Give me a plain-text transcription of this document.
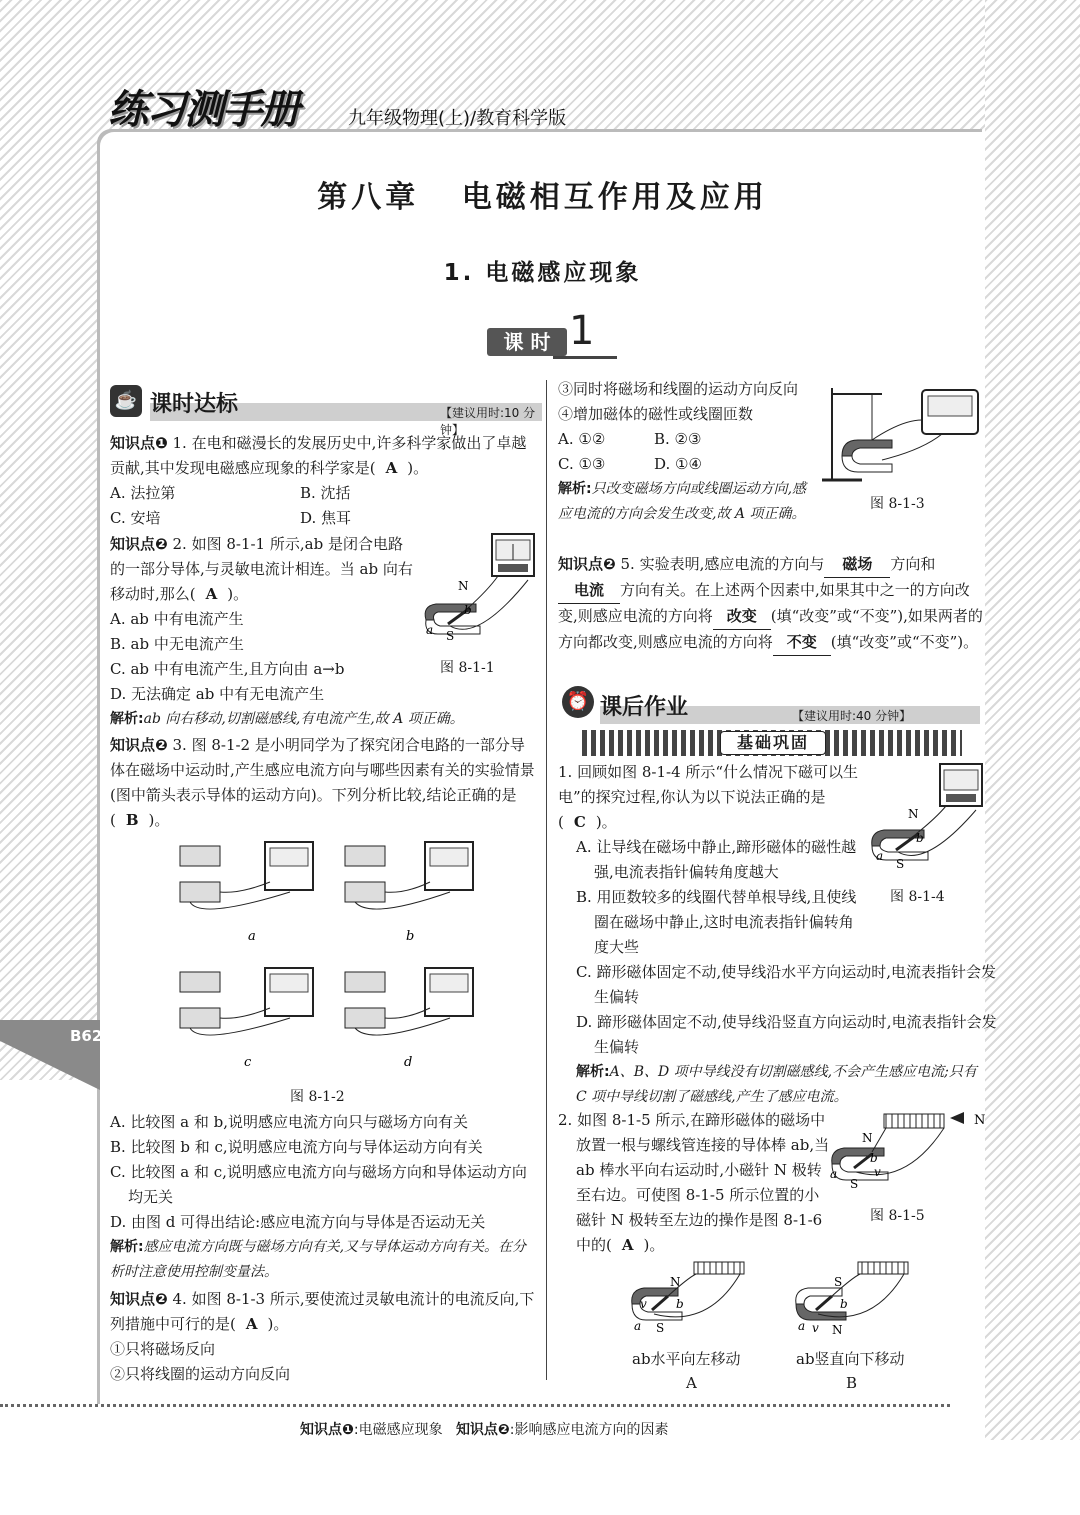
B62
练习测手册	九年级物理(上)/教育科学版
第八章 电磁相互作用及应用
1. 电磁感应现象
课 时 1
☕ 课时达标	【建议用时:10 分钟】
知识点❶ 1. 在电和磁漫长的发展历史中,许多科学家做出了卓越贡献,其中发现电磁感应现象的科学家是( A )。
A. 法拉第	B. 沈括
C. 安培	D. 焦耳
知识点❷ 2. 如图 8-1-1 所示,ab 是闭合电路的一部分导体,与灵敏电流计相连。当 ab 向右移动时,那么( A )。
A. ab 中有电流产生
B. ab 中无电流产生
C. ab 中有电流产生,且方向由 a→b
D. 无法确定 ab 中有无电流产生
解析:ab 向右移动,切割磁感线,有电流产生,故 A 项正确。
N
S
a
b
图 8-1-1
知识点❷ 3. 图 8-1-2 是小明同学为了探究闭合电路的一部分导体在磁场中运动时,产生感应电流方向与哪些因素有关的实验情景(图中箭头表示导体的运动方向)。下列分析比较,结论正确的是( B )。
a	b
c	d
图 8-1-2
A. 比较图 a 和 b,说明感应电流方向只与磁场方向有关
B. 比较图 b 和 c,说明感应电流方向与导体运动方向有关
C. 比较图 a 和 c,说明感应电流方向与磁场方向和导体运动方向均无关
D. 由图 d 可得出结论:感应电流方向与导体是否运动无关
解析:感应电流方向既与磁场方向有关,又与导体运动方向有关。在分析时注意使用控制变量法。
知识点❷ 4. 如图 8-1-3 所示,要使流过灵敏电流计的电流反向,下列措施中可行的是( A )。
①只将磁场反向
②只将线圈的运动方向反向
③同时将磁场和线圈的运动方向反向
④增加磁体的磁性或线圈匝数
A. ①②	B. ②③
C. ①③	D. ①④
解析:只改变磁场方向或线圈运动方向,感应电流的方向会发生改变,故 A 项正确。
图 8-1-3
知识点❷ 5. 实验表明,感应电流的方向与 磁场 方向和电流 方向有关。在上述两个因素中,如果其中之一的方向改变,则感应电流的方向将 改变 (填“改变”或“不变”),如果两者的方向都改变,则感应电流的方向将 不变 (填“改变”或“不变”)。
⏰ 课后作业	【建议用时:40 分钟】
基础巩固
1. 回顾如图 8-1-4 所示“什么情况下磁可以生电”的探究过程,你认为以下说法正确的是( C )。
A. 让导线在磁场中静止,蹄形磁体的磁性越强,电流表指针偏转角度越大
B. 用匝数较多的线圈代替单根导线,且使线圈在磁场中静止,这时电流表指针偏转角度大些
C. 蹄形磁体固定不动,使导线沿水平方向运动时,电流表指针会发生偏转
D. 蹄形磁体固定不动,使导线沿竖直方向运动时,电流表指针会发生偏转
解析:A、B、D 项中导线没有切割磁感线,不会产生感应电流;只有 C 项中导线切割了磁感线,产生了感应电流。
N
S
a
b
图 8-1-4
2. 如图 8-1-5 所示,在蹄形磁体的磁场中放置一根与螺线管连接的导体棒 ab,当 ab 棒水平向右运动时,小磁针 N 极转至右边。可使图 8-1-5 所示位置的小磁针 N 极转至左边的操作是图 8-1-6 中的( A )。
N
N
S
a
b
v
图 8-1-5
N
S
a
b
v
ab水平向左移动
A
S
N
a
b
v
ab竖直向下移动
B
知识点❶:电磁感应现象 知识点❷:影响感应电流方向的因素
